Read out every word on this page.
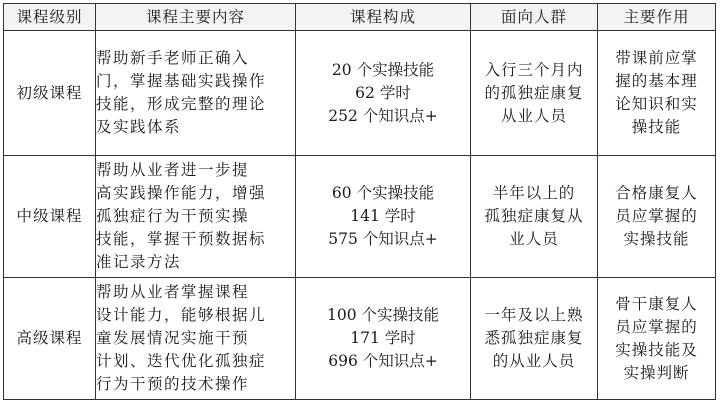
课程级别	课程主要内容	课程构成	面向人群	主要作用
初级课程	帮助新手老师正确入
门，掌握基础实践操作
技能，形成完整的理论
及实践体系	20 个实操技能
62 学时
252 个知识点+	入行三个月内
的孤独症康复
从业人员	带课前应掌
握的基本理
论知识和实
操技能

中级课程	帮助从业者进一步提
高实践操作能力，增强
孤独症行为干预实操
技能，掌握干预数据标
准记录方法	60 个实操技能
141 学时
575 个知识点+	半年以上的
孤独症康复从
业人员	合格康复人
员应掌握的
实操技能

高级课程	帮助从业者掌握课程
设计能力，能够根据儿
童发展情况实施干预
计划、迭代优化孤独症
行为干预的技术操作	100 个实操技能
171 学时
696 个知识点+	一年及以上熟
悉孤独症康复
的从业人员	骨干康复人
员应掌握的
实操技能及
实操判断
